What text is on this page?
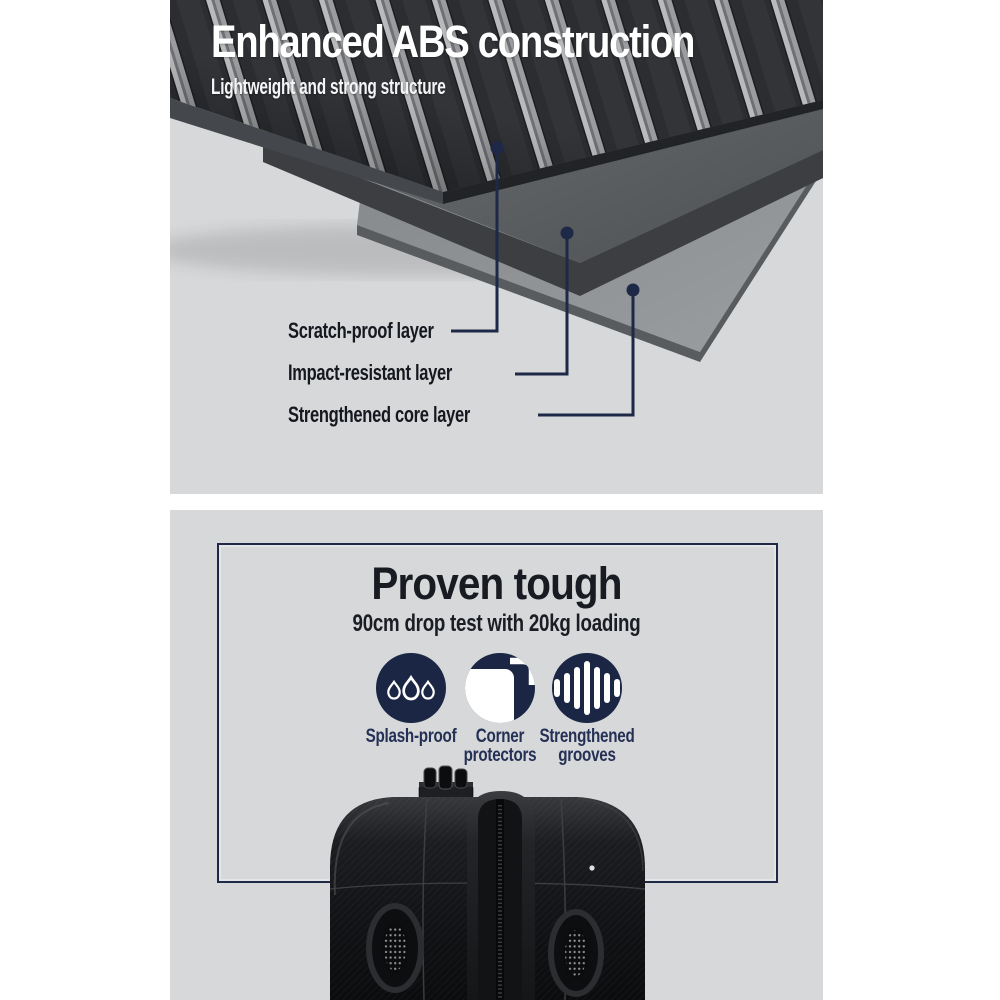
Enhanced ABS construction
Lightweight and strong structure
Scratch-proof layer
Impact-resistant layer
Strengthened core layer
Proven tough
90cm drop test with 20kg loading
Splash-proof	Corner protectors
Strengthened grooves
